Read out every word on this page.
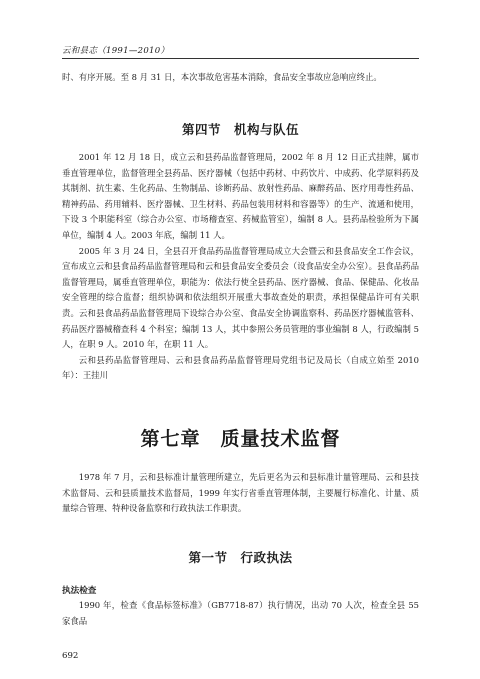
云和县志（1991—2010）

时、有序开展。至 8 月 31 日，本次事故危害基本消除，食品安全事故应急响应终止。

第四节　机构与队伍

2001 年 12 月 18 日，成立云和县药品监督管理局，2002 年 8 月 12 日正式挂牌，属市垂直管理单位，监督管理全县药品、医疗器械（包括中药材、中药饮片、中成药、化学原料药及其制剂、抗生素、生化药品、生物制品、诊断药品、放射性药品、麻醉药品、医疗用毒性药品、精神药品、药用辅料、医疗器械、卫生材料、药品包装用材料和容器等）的生产、流通和使用，下设 3 个职能科室（综合办公室、市场稽查室、药械监管室），编制 8 人。县药品检验所为下属单位，编制 4 人。2003 年底，编制 11 人。

2005 年 3 月 24 日，全县召开食品药品监督管理局成立大会暨云和县食品安全工作会议，宣布成立云和县食品药品监督管理局和云和县食品安全委员会（设食品安全办公室）。县食品药品监督管理局，属垂直管理单位，职能为：依法行使全县药品、医疗器械、食品、保健品、化妆品安全管理的综合监督；组织协调和依法组织开展重大事故查处的职责，承担保健品许可有关职责。云和县食品药品监督管理局下设综合办公室、食品安全协调监察科、药品医疗器械监管科、药品医疗器械稽查科 4 个科室；编制 13 人，其中参照公务员管理的事业编制 8 人，行政编制 5 人，在职 9 人。2010 年，在职 11 人。

云和县药品监督管理局、云和县食品药品监督管理局党组书记及局长（自成立始至 2010 年）：王挂川

第七章　质量技术监督

1978 年 7 月，云和县标准计量管理所建立，先后更名为云和县标准计量管理局、云和县技术监督局、云和县质量技术监督局，1999 年实行省垂直管理体制，主要履行标准化、计量、质量综合管理、特种设备监察和行政执法工作职责。

第一节　行政执法
执法检查

1990 年，检查《食品标签标准》（GB7718-87）执行情况，出动 70 人次，检查全县 55 家食品

692
